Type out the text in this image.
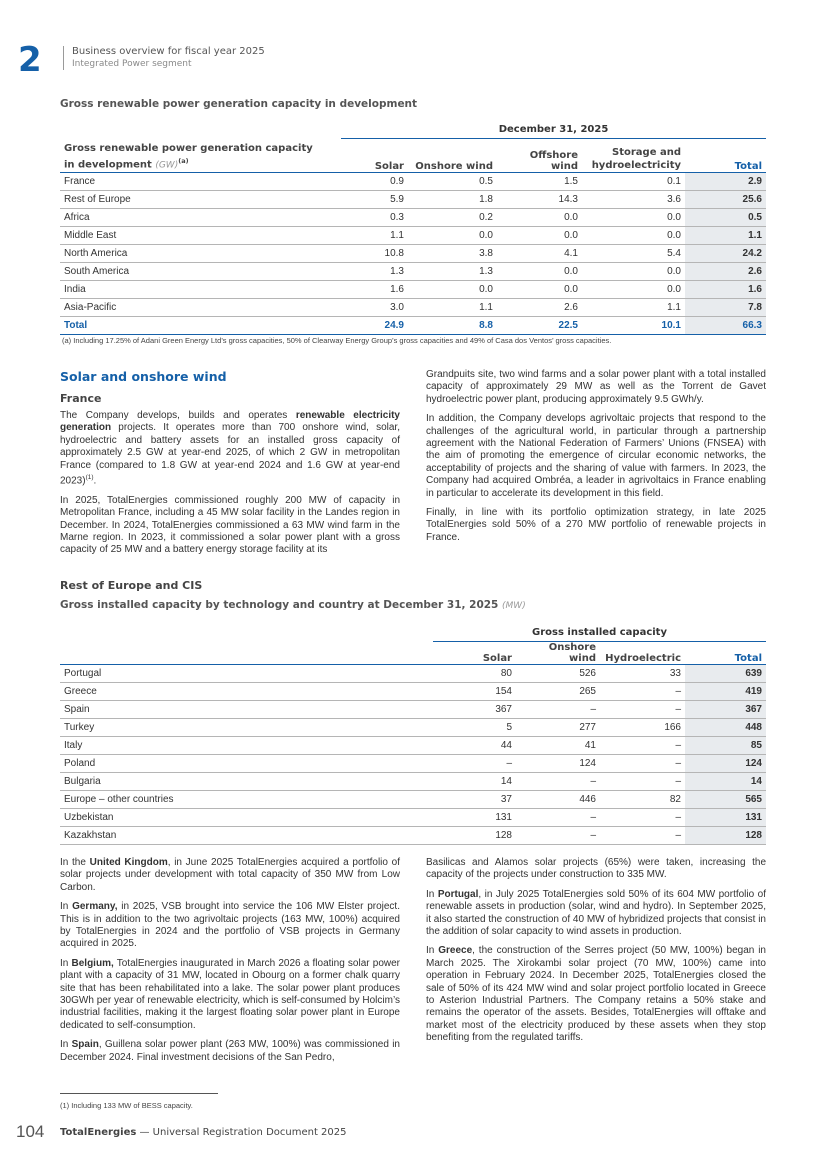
2	Business overview for fiscal year 2025
Integrated Power segment
Gross renewable power generation capacity in development
	December 31, 2025				
Gross renewable power generation capacity
in development (GW)$^{(a)}$	Solar	Onshore wind	Offshore wind	Storage and
hydroelectricity	Total
France	0.9	0.5	1.5	0.1	2.9
Rest of Europe	5.9	1.8	14.3	3.6	25.6
Africa	0.3	0.2	0.0	0.0	0.5
Middle East	1.1	0.0	0.0	0.0	1.1
North America	10.8	3.8	4.1	5.4	24.2
South America	1.3	1.3	0.0	0.0	2.6
India	1.6	0.0	0.0	0.0	1.6
Asia-Pacific	3.0	1.1	2.6	1.1	7.8
Total	24.9	8.8	22.5	10.1	66.3
(a) Including 17.25% of Adani Green Energy Ltd’s gross capacities, 50% of Clearway Energy Group’s gross capacities and 49% of Casa dos Ventos’ gross capacities.
Solar and onshore wind
France

The Company develops, builds and operates renewable electricity generation projects. It operates more than 700 onshore wind, solar, hydroelectric and battery assets for an installed gross capacity of approximately 2.5 GW at year-end 2025, of which 2 GW in metropolitan France (compared to 1.8 GW at year-end 2024 and 1.6 GW at year-end 2023)$^{(1)}$.

In 2025, TotalEnergies commissioned roughly 200 MW of capacity in Metropolitan France, including a 45 MW solar facility in the Landes region in December. In 2024, TotalEnergies commissioned a 63 MW wind farm in the Marne region. In 2023, it commissioned a solar power plant with a gross capacity of 25 MW and a battery energy storage facility at its

Grandpuits site, two wind farms and a solar power plant with a total installed capacity of approximately 29 MW as well as the Torrent de Gavet hydroelectric power plant, producing approximately 9.5 GWh/y.

In addition, the Company develops agrivoltaic projects that respond to the challenges of the agricultural world, in particular through a partnership agreement with the National Federation of Farmers’ Unions (FNSEA) with the aim of promoting the emergence of circular economic networks, the acceptability of projects and the sharing of value with farmers. In 2023, the Company had acquired Ombréa, a leader in agrivoltaics in France enabling in particular to accelerate its development in this field.

Finally, in line with its portfolio optimization strategy, in late 2025 TotalEnergies sold 50% of a 270 MW portfolio of renewable projects in France.

Rest of Europe and CIS
Gross installed capacity by technology and country at December 31, 2025 (MW)
	Gross installed capacity			
	Solar	Onshore wind	Hydroelectric	Total
Portugal	80	526	33	639
Greece	154	265	–	419
Spain	367	–	–	367
Turkey	5	277	166	448
Italy	44	41	–	85
Poland	–	124	–	124
Bulgaria	14	–	–	14
Europe – other countries	37	446	82	565
Uzbekistan	131	–	–	131
Kazakhstan	128	–	–	128

In the United Kingdom, in June 2025 TotalEnergies acquired a portfolio of solar projects under development with total capacity of 350 MW from Low Carbon.

In Germany, in 2025, VSB brought into service the 106 MW Elster project. This is in addition to the two agrivoltaic projects (163 MW, 100%) acquired by TotalEnergies in 2024 and the portfolio of VSB projects in Germany acquired in 2025.

In Belgium, TotalEnergies inaugurated in March 2026 a floating solar power plant with a capacity of 31 MW, located in Obourg on a former chalk quarry site that has been rehabilitated into a lake. The solar power plant produces 30GWh per year of renewable electricity, which is self-consumed by Holcim’s industrial facilities, making it the largest floating solar power plant in Europe dedicated to self-consumption.

In Spain, Guillena solar power plant (263 MW, 100%) was commissioned in December 2024. Final investment decisions of the San Pedro,

Basilicas and Alamos solar projects (65%) were taken, increasing the capacity of the projects under construction to 335 MW.

In Portugal, in July 2025 TotalEnergies sold 50% of its 604 MW portfolio of renewable assets in production (solar, wind and hydro). In September 2025, it also started the construction of 40 MW of hybridized projects that consist in the addition of solar capacity to wind assets in production.

In Greece, the construction of the Serres project (50 MW, 100%) began in March 2025. The Xirokambi solar project (70 MW, 100%) came into operation in February 2024. In December 2025, TotalEnergies closed the sale of 50% of its 424 MW wind and solar project portfolio located in Greece to Asterion Industrial Partners. The Company retains a 50% stake and remains the operator of the assets. Besides, TotalEnergies will offtake and market most of the electricity produced by these assets when they stop benefiting from the regulated tariffs.

(1) Including 133 MW of BESS capacity.
104 TotalEnergies — Universal Registration Document 2025
